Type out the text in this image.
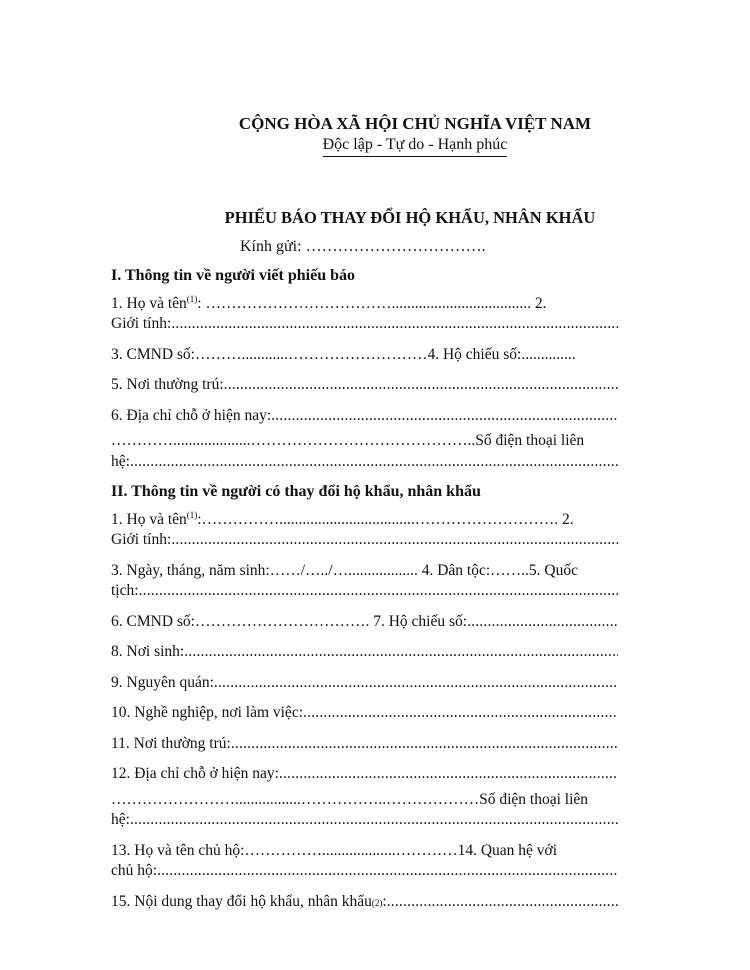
CỘNG HÒA XÃ HỘI CHỦ NGHĨA VIỆT NAM
Độc lập - Tự do - Hạnh phúc
PHIẾU BÁO THAY ĐỔI HỘ KHẨU, NHÂN KHẨU
Kính gửi: …………………………….
I. Thông tin về người viết phiếu báo
1. Họ và tên$^{(1)}$: ……………………………….................................... 2.
Giới tính:
.....
3. CMND số:………............………………………4. Hộ chiếu số:..............
5. Nơi thường trú:
.....
6. Địa chỉ chỗ ở hiện nay:
.....
…………....................…………………………………….. Số điện thoại liên
hệ:
.....
II. Thông tin về người có thay đổi hộ khẩu, nhân khẩu
1. Họ và tên$^{(1)}$:……………...................................………………………. 2.
Giới tính:
.....
3. Ngày, tháng, năm sinh:……/…../….................. 4. Dân tộc:……..5. Quốc
tịch:
.....
6. CMND số:……………………………. 7. Hộ chiếu số:
.....
8. Nơi sinh:
.....
9. Nguyên quán:
.....
10. Nghề nghiệp, nơi làm việc:
.....
11. Nơi thường trú:
.....
12. Địa chỉ chỗ ở hiện nay:
.....
…………………….................……………..……………… Số điện thoại liên
hệ:
.....
13. Họ và tên chủ hộ:……………...................…………14. Quan hệ với
chủ hộ:
.....
15. Nội dung thay đổi hộ khẩu, nhân khẩu (2) :
.....
